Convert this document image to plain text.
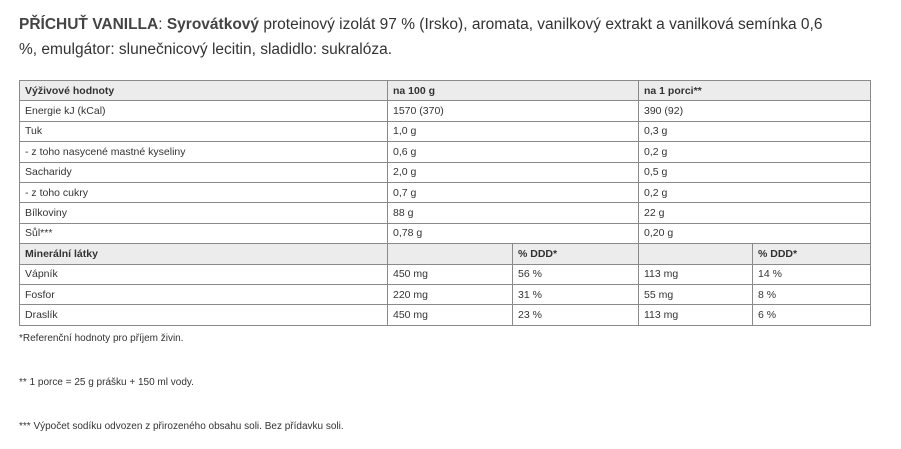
PŘÍCHUŤ VANILLA: Syrovátkový proteinový izolát 97 % (Irsko), aromata, vanilkový extrakt a vanilková semínka 0,6
%, emulgátor: slunečnicový lecitin, sladidlo: sukralóza.
Výživové hodnoty	na 100 g		na 1 porci**	
Energie kJ (kCal)	1570 (370)		390 (92)	
Tuk	1,0 g		0,3 g	
- z toho nasycené mastné kyseliny	0,6 g		0,2 g	
Sacharidy	2,0 g		0,5 g	
- z toho cukry	0,7 g		0,2 g	
Bílkoviny	88 g		22 g	
Sůl***	0,78 g		0,20 g	
Minerální látky		% DDD*		% DDD*
Vápník	450 mg	56 %	113 mg	14 %
Fosfor	220 mg	31 %	55 mg	8 %
Draslík	450 mg	23 %	113 mg	6 %
*Referenční hodnoty pro příjem živin.
** 1 porce = 25 g prášku + 150 ml vody.
*** Výpočet sodíku odvozen z přirozeného obsahu soli. Bez přídavku soli.
